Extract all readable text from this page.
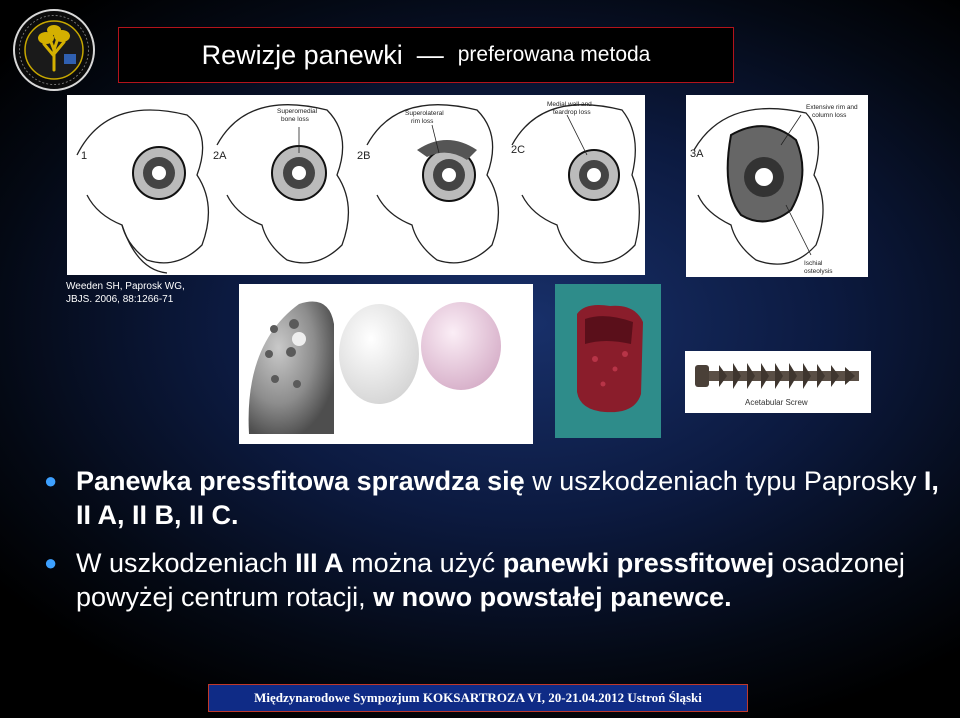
Rewizje panewki — preferowana metoda
1	2A	2B	2C
Superomedial
bone loss
Superolateral
rim loss
Medial wall and
teardrop loss
3A
Extensive rim and
column loss
Ischial
osteolysis
Weeden SH, Paprosk WG,
JBJS. 2006, 88:1266-71
Acetabular Screw
● Panewka pressfitowa sprawdza się w uszkodzeniach typu Paprosky I, II A, II B, II C.
● W uszkodzeniach III A można użyć panewki pressfitowej osadzonej powyżej centrum rotacji, w nowo powstałej panewce.
Międzynarodowe Sympozjum KOKSARTROZA VI, 20-21.04.2012 Ustroń Śląski
